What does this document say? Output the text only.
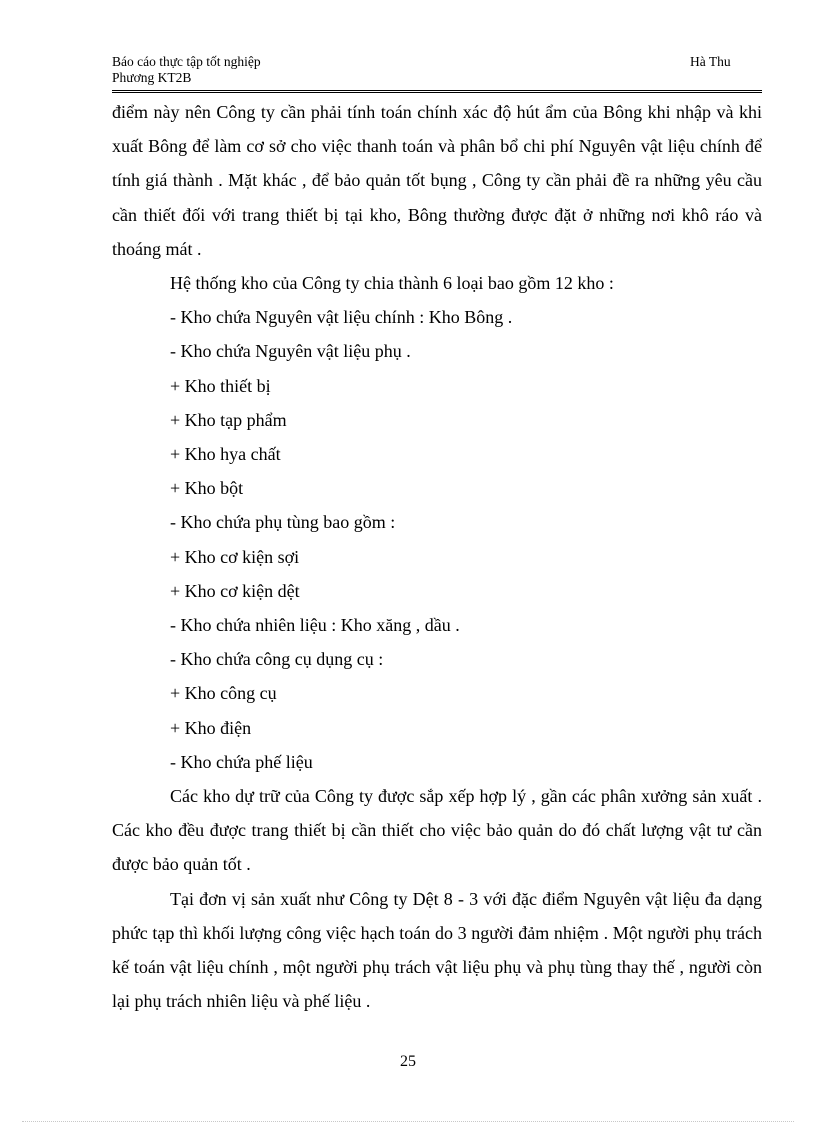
Báo cáo thực tập tốt nghiệp
Phương KT2B
Hà Thu

điểm này nên Công ty cần phải tính toán chính xác độ hút ẩm của Bông khi nhập và khi xuất Bông để làm cơ sở cho việc thanh toán và phân bổ chi phí Nguyên vật liệu chính để tính giá thành . Mặt khác , để bảo quản tốt bụng , Công ty cần phải đề ra những yêu cầu cần thiết đối với trang thiết bị tại kho, Bông thường được đặt ở những nơi khô ráo và thoáng mát .

Hệ thống kho của Công ty chia thành 6 loại bao gồm 12 kho :

- Kho chứa Nguyên vật liệu chính : Kho Bông .

- Kho chứa Nguyên vật liệu phụ .

+ Kho thiết bị

+ Kho tạp phẩm

+ Kho hya chất

+ Kho bột

- Kho chứa phụ tùng bao gồm :

+ Kho cơ kiện sợi

+ Kho cơ kiện dệt

- Kho chứa nhiên liệu : Kho xăng , dầu .

- Kho chứa công cụ dụng cụ :

+ Kho công cụ

+ Kho điện

- Kho chứa phế liệu

Các kho dự trữ của Công ty được sắp xếp hợp lý , gần các phân xưởng sản xuất . Các kho đều được trang thiết bị cần thiết cho việc bảo quản do đó chất lượng vật tư cần được bảo quản tốt .

Tại đơn vị sản xuất như Công ty Dệt 8 - 3 với đặc điểm Nguyên vật liệu đa dạng phức tạp thì khối lượng công việc hạch toán do 3 người đảm nhiệm . Một người phụ trách kế toán vật liệu chính , một người phụ trách vật liệu phụ và phụ tùng thay thế , người còn lại phụ trách nhiên liệu và phế liệu .

25
